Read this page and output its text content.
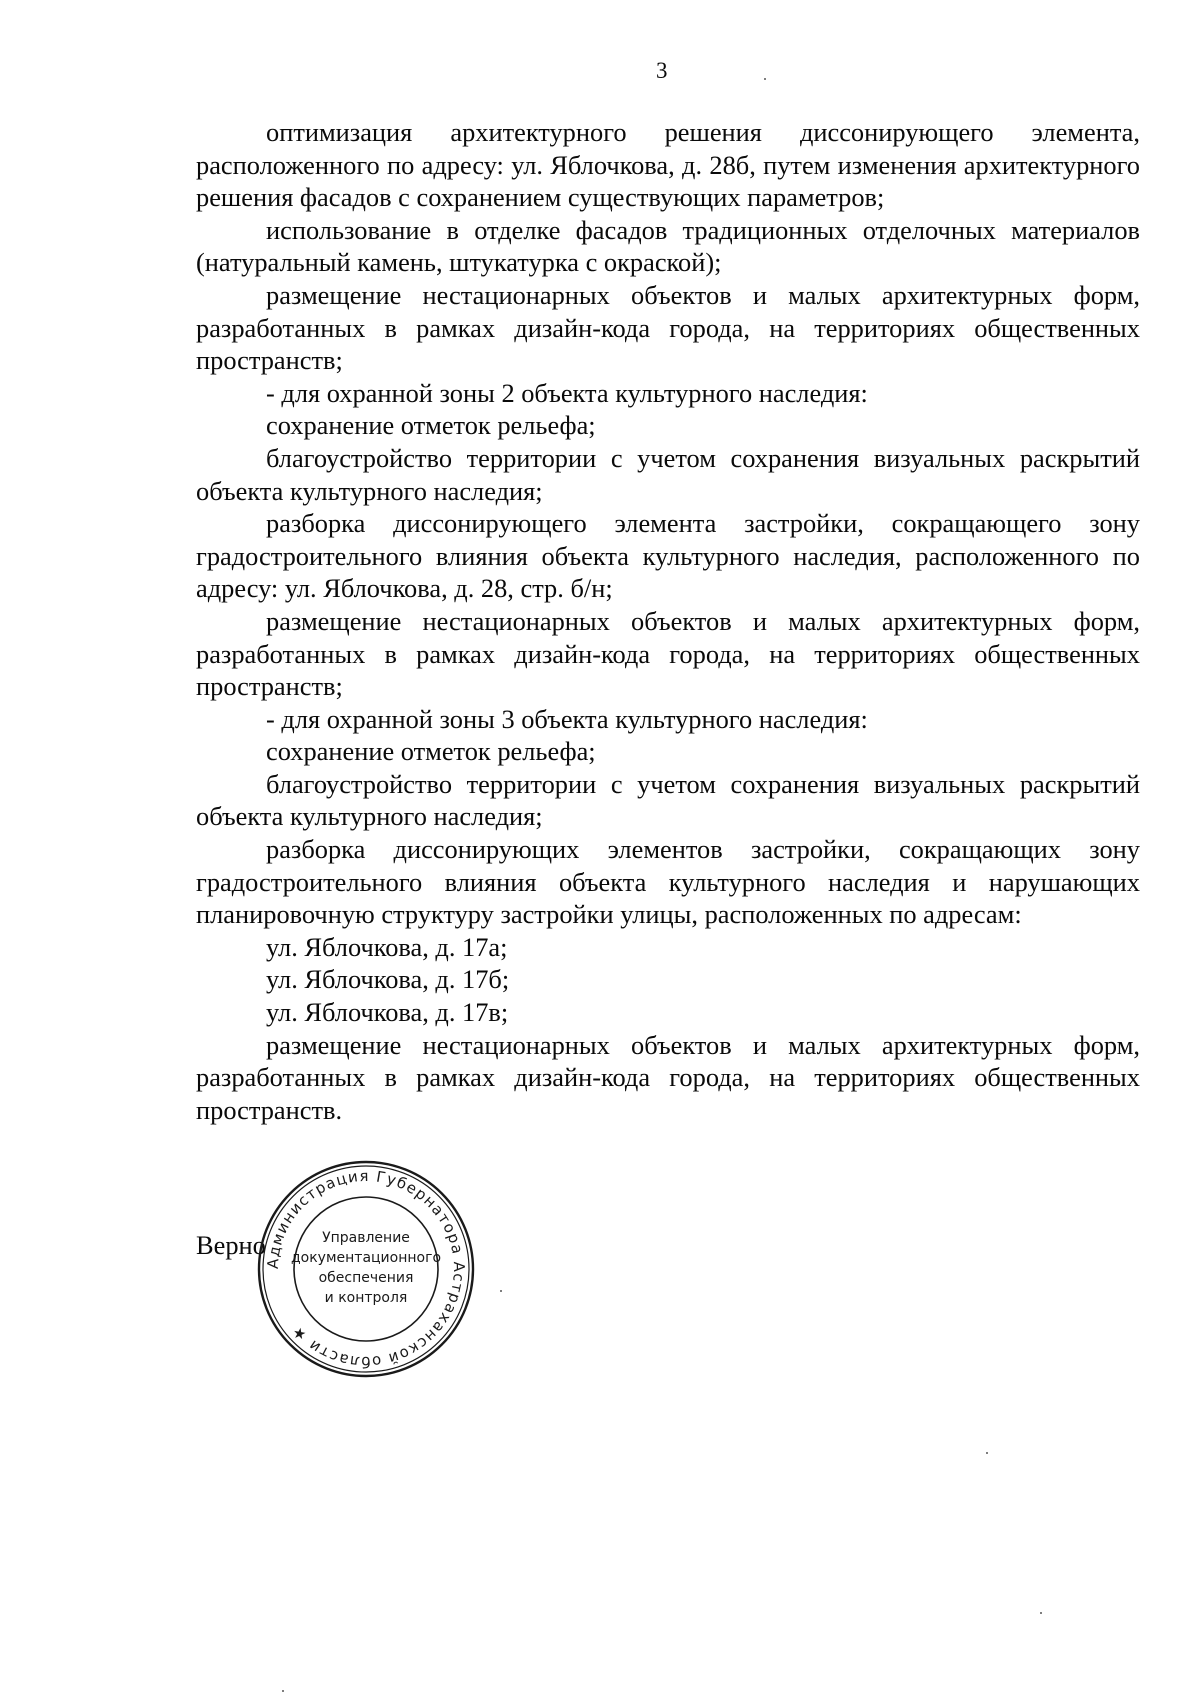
3

оптимизация архитектурного решения диссонирующего элемента, расположенного по адресу: ул. Яблочкова, д. 28б, путем изменения архитектурного решения фасадов с сохранением существующих параметров;

использование в отделке фасадов традиционных отделочных материалов (натуральный камень, штукатурка с окраской);

размещение нестационарных объектов и малых архитектурных форм, разработанных в рамках дизайн-кода города, на территориях общественных пространств;

- для охранной зоны 2 объекта культурного наследия:

сохранение отметок рельефа;

благоустройство территории с учетом сохранения визуальных раскрытий объекта культурного наследия;

разборка диссонирующего элемента застройки, сокращающего зону градостроительного влияния объекта культурного наследия, расположенного по адресу: ул. Яблочкова, д. 28, стр. б/н;

размещение нестационарных объектов и малых архитектурных форм, разработанных в рамках дизайн-кода города, на территориях общественных пространств;

- для охранной зоны 3 объекта культурного наследия:

сохранение отметок рельефа;

благоустройство территории с учетом сохранения визуальных раскрытий объекта культурного наследия;

разборка диссонирующих элементов застройки, сокращающих зону градостроительного влияния объекта культурного наследия и нарушающих планировочную структуру застройки улицы, расположенных по адресам:

ул. Яблочкова, д. 17а;

ул. Яблочкова, д. 17б;

ул. Яблочкова, д. 17в;

размещение нестационарных объектов и малых архитектурных форм, разработанных в рамках дизайн-кода города, на территориях общественных пространств.

Верно
Администрация Губернатора Астраханской области ★
Управление
документационного
обеспечения
и контроля
